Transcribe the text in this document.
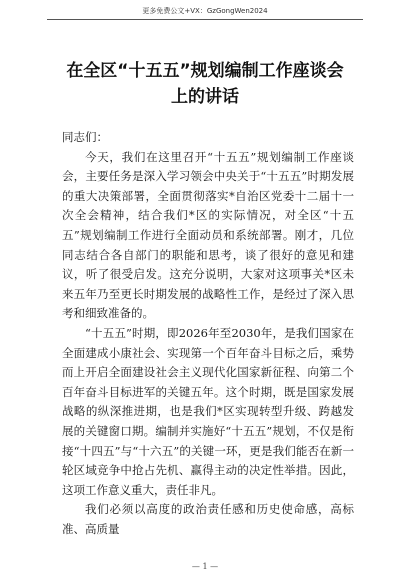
更多免费公文+VX：GzGongWen2024
在全区“十五五”规划编制工作座谈会上的讲话

同志们：

今天，我们在这里召开“十五五”规划编制工作座谈会，主要任务是深入学习领会中央关于“十五五”时期发展的重大决策部署，全面贯彻落实*自治区党委十二届十一次全会精神，结合我们*区的实际情况，对全区“十五五”规划编制工作进行全面动员和系统部署。刚才，几位同志结合各自部门的职能和思考，谈了很好的意见和建议，听了很受启发。这充分说明，大家对这项事关*区未来五年乃至更长时期发展的战略性工作，是经过了深入思考和细致准备的。

“十五五”时期，即2026年至2030年，是我们国家在全面建成小康社会、实现第一个百年奋斗目标之后，乘势而上开启全面建设社会主义现代化国家新征程、向第二个百年奋斗目标进军的关键五年。这个时期，既是国家发展战略的纵深推进期，也是我们*区实现转型升级、跨越发展的关键窗口期。编制并实施好“十五五”规划，不仅是衔接“十四五”与“十六五”的关键一环，更是我们能否在新一轮区域竞争中抢占先机、赢得主动的决定性举措。因此，这项工作意义重大，责任非凡。

我们必须以高度的政治责任感和历史使命感，高标准、高质量

— 1 —
